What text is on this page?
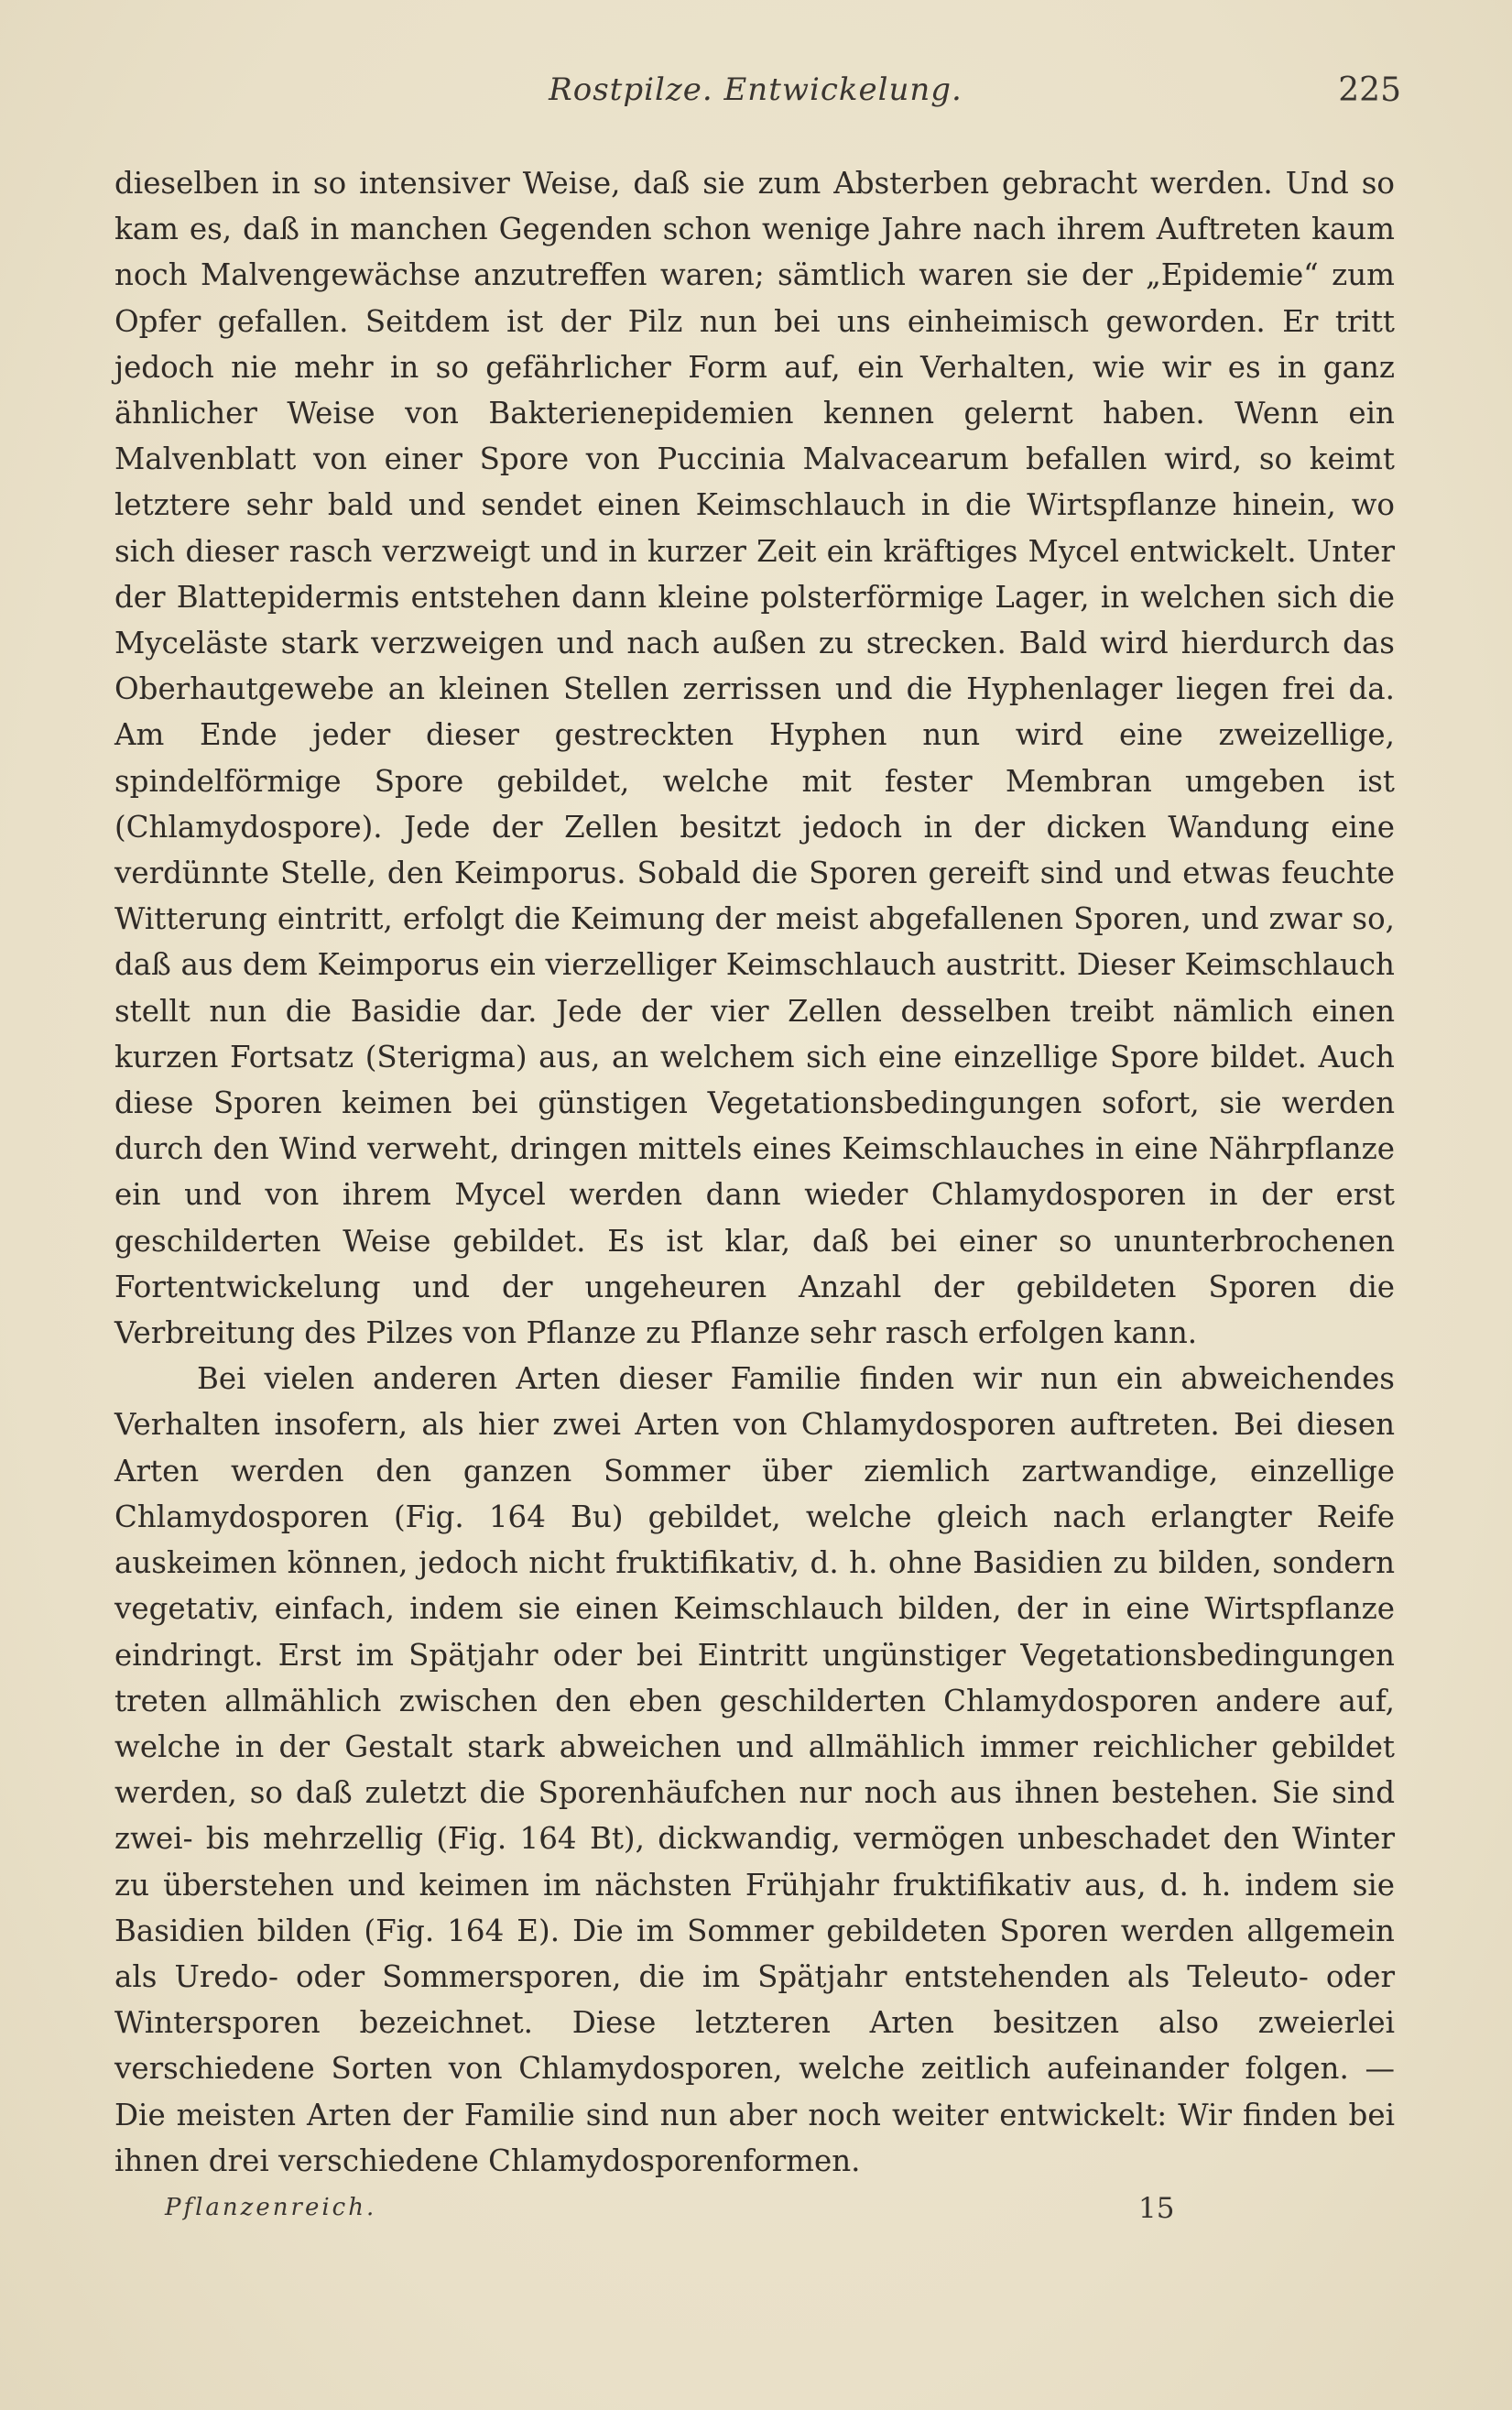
Rostpilze. Entwickelung.	225

dieselben in so intensiver Weise, daß sie zum Absterben gebracht werden. Und so kam es, daß in manchen Gegenden schon wenige Jahre nach ihrem Auftreten kaum noch Malvengewächse anzutreffen waren; sämtlich waren sie der „Epidemie“ zum Opfer gefallen. Seitdem ist der Pilz nun bei uns einheimisch geworden. Er tritt jedoch nie mehr in so gefährlicher Form auf, ein Verhalten, wie wir es in ganz ähnlicher Weise von Bakterienepidemien kennen gelernt haben. Wenn ein Malvenblatt von einer Spore von Puccinia Malvacearum befallen wird, so keimt letztere sehr bald und sendet einen Keimschlauch in die Wirtspflanze hinein, wo sich dieser rasch verzweigt und in kurzer Zeit ein kräftiges Mycel entwickelt. Unter der Blattepidermis entstehen dann kleine polsterförmige Lager, in welchen sich die Myceläste stark verzweigen und nach außen zu strecken. Bald wird hierdurch das Oberhautgewebe an kleinen Stellen zerrissen und die Hyphenlager liegen frei da. Am Ende jeder dieser gestreckten Hyphen nun wird eine zweizellige, spindelförmige Spore gebildet, welche mit fester Membran umgeben ist (Chlamydospore). Jede der Zellen besitzt jedoch in der dicken Wandung eine verdünnte Stelle, den Keimporus. Sobald die Sporen gereift sind und etwas feuchte Witterung eintritt, erfolgt die Keimung der meist abgefallenen Sporen, und zwar so, daß aus dem Keimporus ein vierzelliger Keimschlauch austritt. Dieser Keimschlauch stellt nun die Basidie dar. Jede der vier Zellen desselben treibt nämlich einen kurzen Fortsatz (Sterigma) aus, an welchem sich eine einzellige Spore bildet. Auch diese Sporen keimen bei günstigen Vegetationsbedingungen sofort, sie werden durch den Wind verweht, dringen mittels eines Keimschlauches in eine Nährpflanze ein und von ihrem Mycel werden dann wieder Chlamydosporen in der erst geschilderten Weise gebildet. Es ist klar, daß bei einer so ununterbrochenen Fortentwickelung und der ungeheuren Anzahl der gebildeten Sporen die Verbreitung des Pilzes von Pflanze zu Pflanze sehr rasch erfolgen kann.

Bei vielen anderen Arten dieser Familie finden wir nun ein abweichendes Verhalten insofern, als hier zwei Arten von Chlamydosporen auftreten. Bei diesen Arten werden den ganzen Sommer über ziemlich zartwandige, einzellige Chlamydosporen (Fig. 164 Bu) gebildet, welche gleich nach erlangter Reife auskeimen können, jedoch nicht fruktifikativ, d. h. ohne Basidien zu bilden, sondern vegetativ, einfach, indem sie einen Keimschlauch bilden, der in eine Wirtspflanze eindringt. Erst im Spätjahr oder bei Eintritt ungünstiger Vegetationsbedingungen treten allmählich zwischen den eben geschilderten Chlamydosporen andere auf, welche in der Gestalt stark abweichen und allmählich immer reichlicher gebildet werden, so daß zuletzt die Sporenhäufchen nur noch aus ihnen bestehen. Sie sind zwei- bis mehrzellig (Fig. 164 Bt), dickwandig, vermögen unbeschadet den Winter zu überstehen und keimen im nächsten Frühjahr fruktifikativ aus, d. h. indem sie Basidien bilden (Fig. 164 E). Die im Sommer gebildeten Sporen werden allgemein als Uredo- oder Sommersporen, die im Spätjahr entstehenden als Teleuto- oder Wintersporen bezeichnet. Diese letzteren Arten besitzen also zweierlei verschiedene Sorten von Chlamydosporen, welche zeitlich aufeinander folgen. — Die meisten Arten der Familie sind nun aber noch weiter entwickelt: Wir finden bei ihnen drei verschiedene Chlamydosporenformen.

Pflanzenreich.	15
